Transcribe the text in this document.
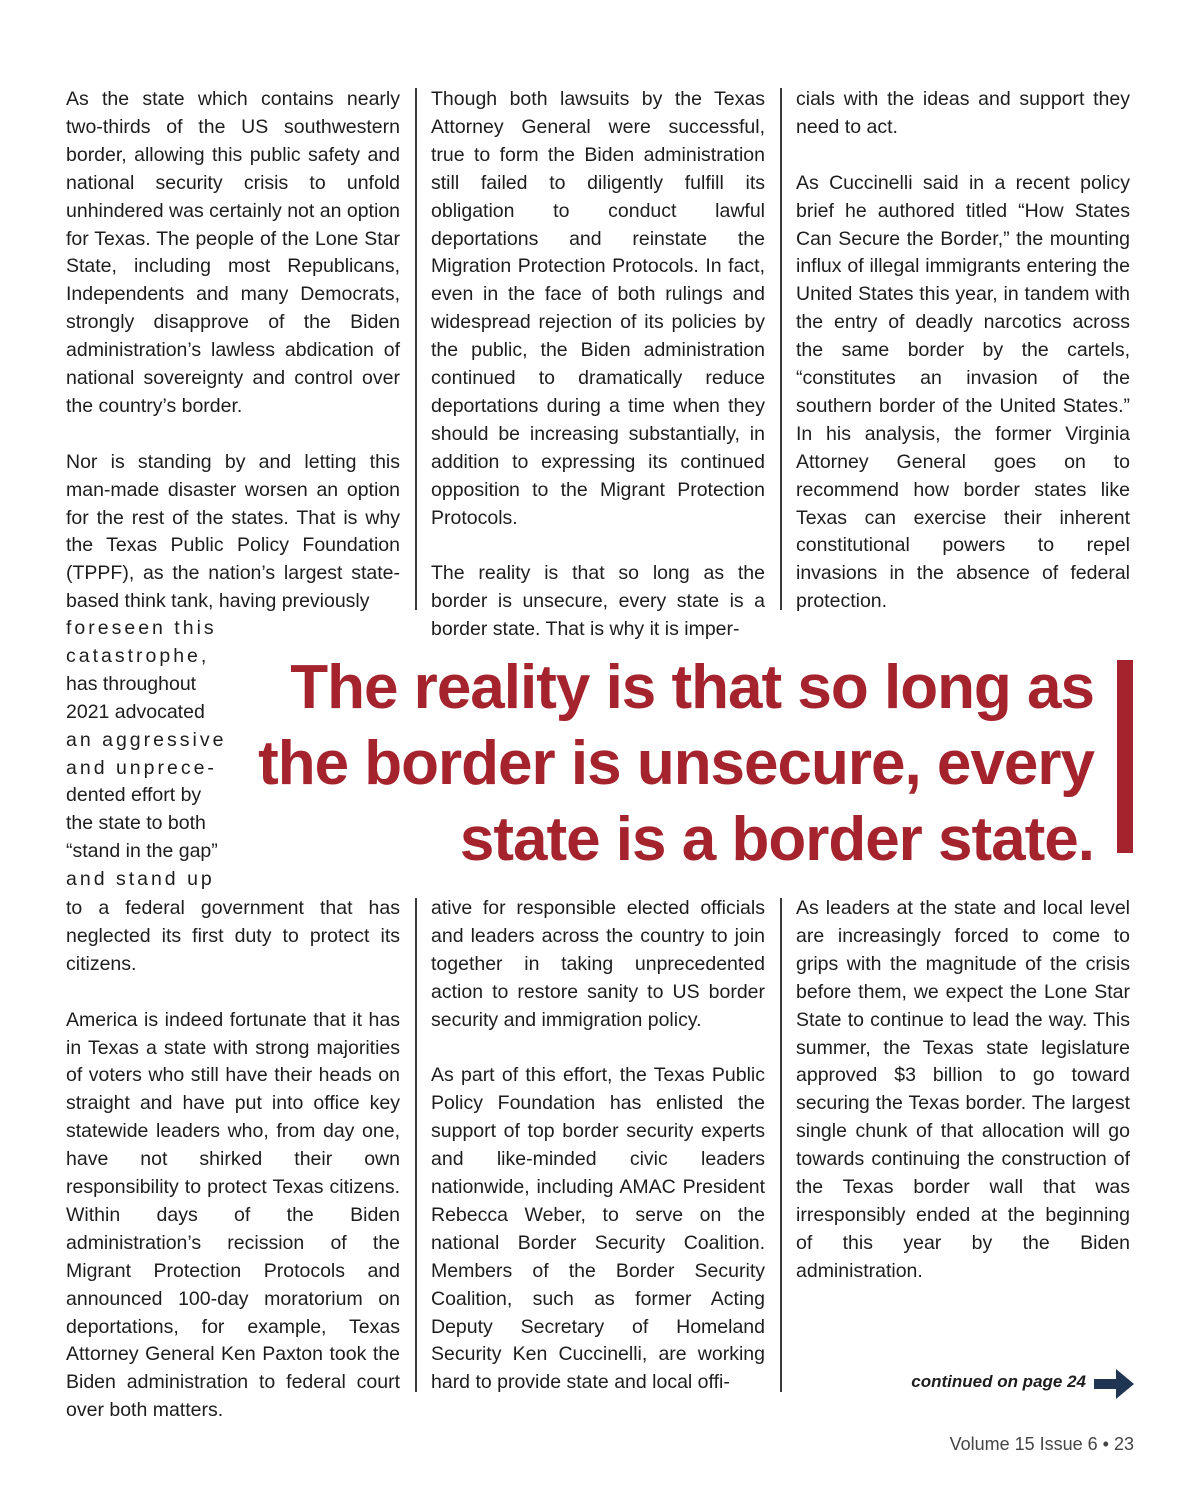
As the state which contains nearly two-thirds of the US southwestern border, allowing this public safety and national security crisis to unfold unhindered was certainly not an option for Texas. The people of the Lone Star State, including most Republicans, Independents and many Democrats, strongly disapprove of the Biden administration’s lawless abdication of national sovereignty and control over the country’s border.

Nor is standing by and letting this man-made disaster worsen an option for the rest of the states. That is why the Texas Public Policy Foundation (TPPF), as the nation’s largest state-based think tank, having previously

foreseen this
catastrophe,
has throughout
2021 advocated
an aggressive
and unprece-
dented effort by
the state to both
“stand in the gap”
and stand up

to a federal government that has neglected its first duty to protect its citizens.

America is indeed fortunate that it has in Texas a state with strong majorities of voters who still have their heads on straight and have put into office key statewide leaders who, from day one, have not shirked their own responsibility to protect Texas citizens. Within days of the Biden administration’s recission of the Migrant Protection Protocols and announced 100-day moratorium on deportations, for example, Texas Attorney General Ken Paxton took the Biden administration to federal court over both matters.

Though both lawsuits by the Texas Attorney General were successful, true to form the Biden administration still failed to diligently fulfill its obligation to conduct lawful deportations and reinstate the Migration Protection Protocols. In fact, even in the face of both rulings and widespread rejection of its policies by the public, the Biden administration continued to dramatically reduce deportations during a time when they should be increasing substantially, in addition to expressing its continued opposition to the Migrant Protection Protocols.

The reality is that so long as the border is unsecure, every state is a border state. That is why it is imper-

ative for responsible elected officials and leaders across the country to join together in taking unprecedented action to restore sanity to US border security and immigration policy.

As part of this effort, the Texas Public Policy Foundation has enlisted the support of top border security experts and like-minded civic leaders nationwide, including AMAC President Rebecca Weber, to serve on the national Border Security Coalition. Members of the Border Security Coalition, such as former Acting Deputy Secretary of Homeland Security Ken Cuccinelli, are working hard to provide state and local offi-

cials with the ideas and support they need to act.

As Cuccinelli said in a recent policy brief he authored titled “How States Can Secure the Border,” the mounting influx of illegal immigrants entering the United States this year, in tandem with the entry of deadly narcotics across the same border by the cartels, “constitutes an invasion of the southern border of the United States.” In his analysis, the former Virginia Attorney General goes on to recommend how border states like Texas can exercise their inherent constitutional powers to repel invasions in the absence of federal protection.

As leaders at the state and local level are increasingly forced to come to grips with the magnitude of the crisis before them, we expect the Lone Star State to continue to lead the way. This summer, the Texas state legislature approved $3 billion to go toward securing the Texas border. The largest single chunk of that allocation will go towards continuing the construction of the Texas border wall that was irresponsibly ended at the beginning of this year by the Biden administration.

The reality is that so long as
the border is unsecure, every
state is a border state.
continued on page 24
Volume 15 Issue 6 • 23
